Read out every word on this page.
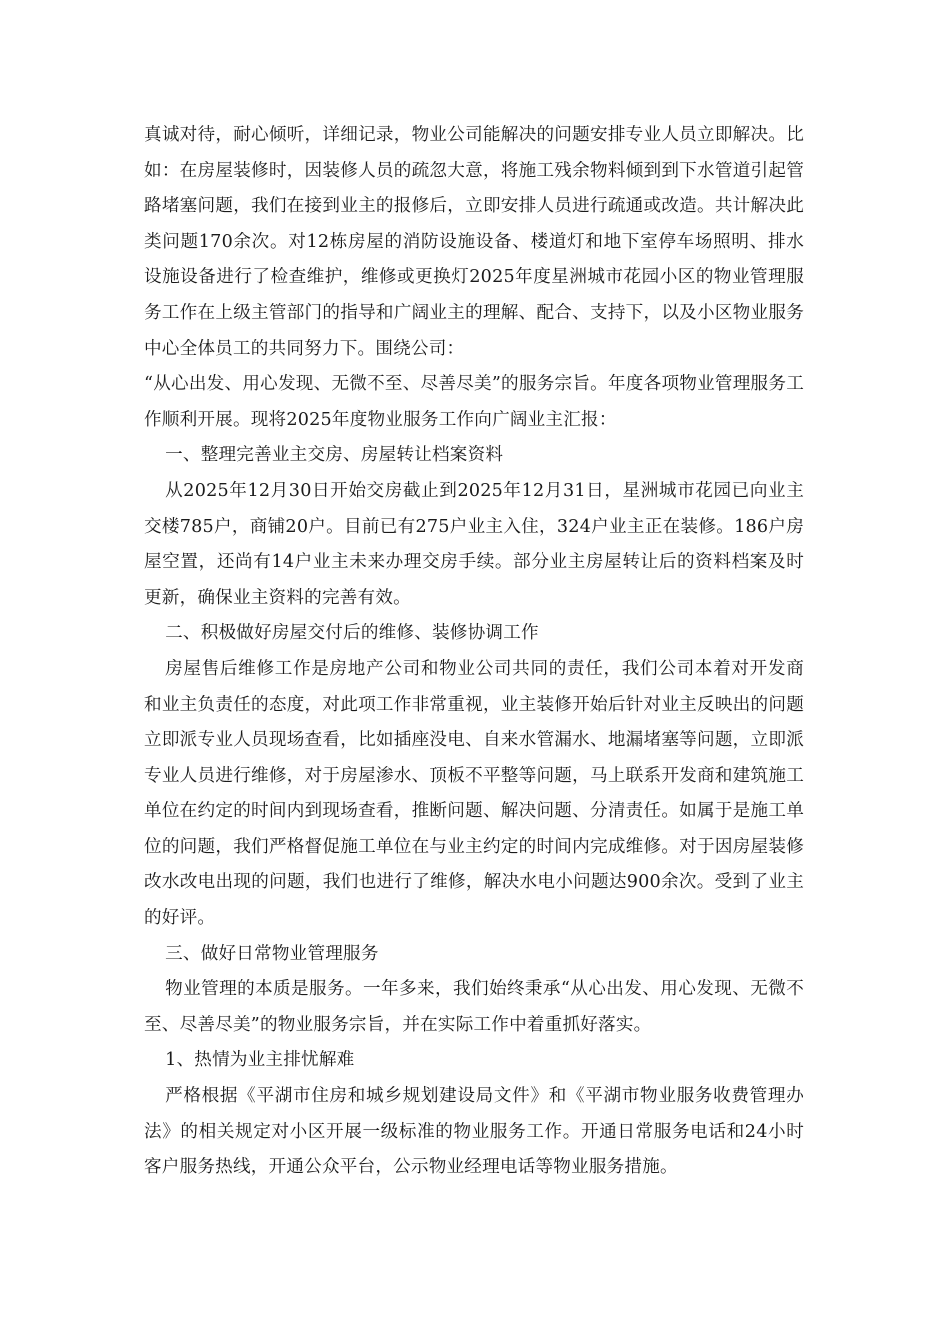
真诚对待，耐心倾听，详细记录，物业公司能解决的问题安排专业人员立即解决。比如：在房屋装修时，因装修人员的疏忽大意，将施工残余物料倾到到下水管道引起管路堵塞问题，我们在接到业主的报修后，立即安排人员进行疏通或改造。共计解决此类问题170余次。对12栋房屋的消防设施设备、楼道灯和地下室停车场照明、排水设施设备进行了检查维护，维修或更换灯2025年度星洲城市花园小区的物业管理服务工作在上级主管部门的指导和广阔业主的理解、配合、支持下，以及小区物业服务中心全体员工的共同努力下。围绕公司：

“从心出发、用心发现、无微不至、尽善尽美”的服务宗旨。年度各项物业管理服务工作顺利开展。现将2025年度物业服务工作向广阔业主汇报：

一、整理完善业主交房、房屋转让档案资料

从2025年12月30日开始交房截止到2025年12月31日，星洲城市花园已向业主交楼785户，商铺20户。目前已有275户业主入住，324户业主正在装修。186户房屋空置，还尚有14户业主未来办理交房手续。部分业主房屋转让后的资料档案及时更新，确保业主资料的完善有效。

二、积极做好房屋交付后的维修、装修协调工作

房屋售后维修工作是房地产公司和物业公司共同的责任，我们公司本着对开发商和业主负责任的态度，对此项工作非常重视，业主装修开始后针对业主反映出的问题立即派专业人员现场查看，比如插座没电、自来水管漏水、地漏堵塞等问题，立即派专业人员进行维修，对于房屋渗水、顶板不平整等问题，马上联系开发商和建筑施工单位在约定的时间内到现场查看，推断问题、解决问题、分清责任。如属于是施工单位的问题，我们严格督促施工单位在与业主约定的时间内完成维修。对于因房屋装修改水改电出现的问题，我们也进行了维修，解决水电小问题达900余次。受到了业主的好评。

三、做好日常物业管理服务

物业管理的本质是服务。一年多来，我们始终秉承“从心出发、用心发现、无微不至、尽善尽美”的物业服务宗旨，并在实际工作中着重抓好落实。

1、热情为业主排忧解难

严格根据《平湖市住房和城乡规划建设局文件》和《平湖市物业服务收费管理办法》的相关规定对小区开展一级标准的物业服务工作。开通日常服务电话和24小时客户服务热线，开通公众平台，公示物业经理电话等物业服务措施。
